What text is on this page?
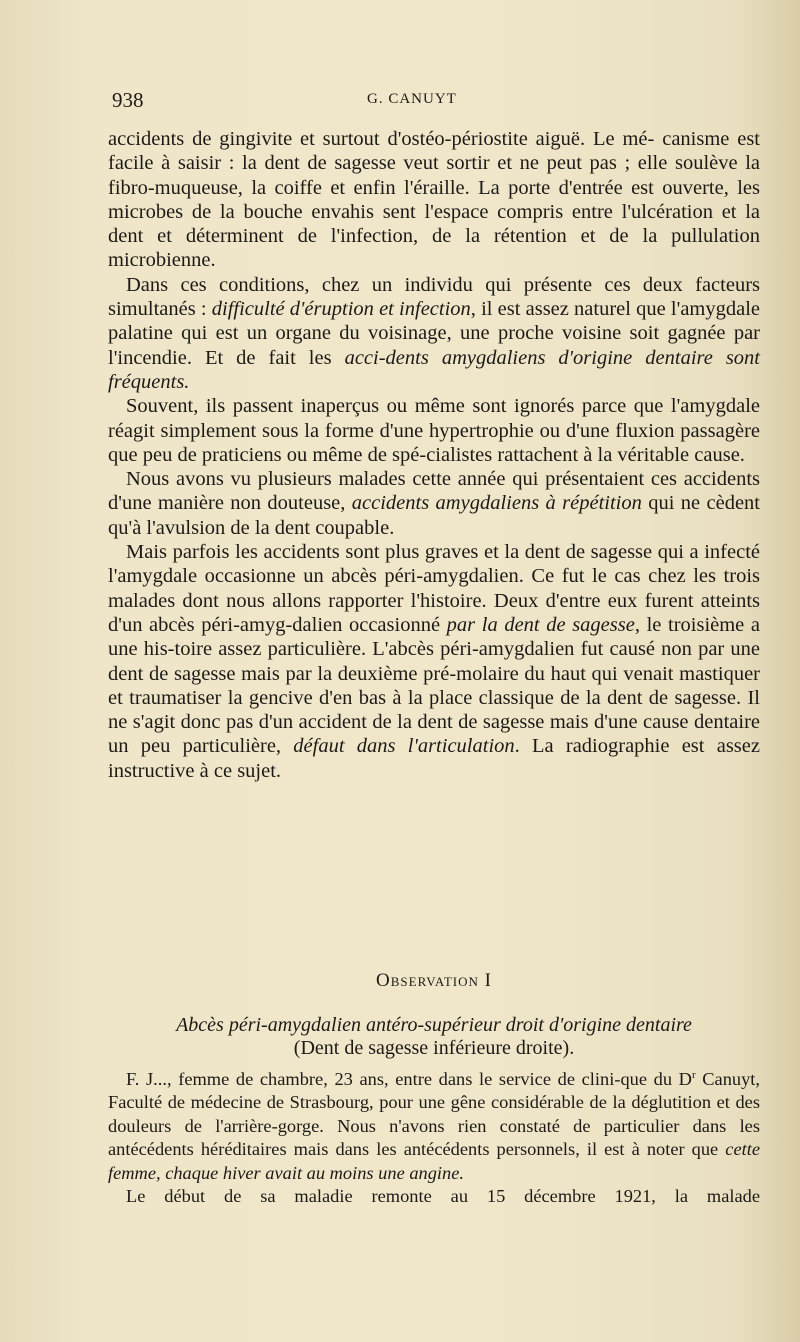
938	G. CANUYT

accidents de gingivite et surtout d'ostéo-périostite aiguë. Le mé- canisme est facile à saisir : la dent de sagesse veut sortir et ne peut pas ; elle soulève la fibro-muqueuse, la coiffe et enfin l'éraille. La porte d'entrée est ouverte, les microbes de la bouche envahis sent l'espace compris entre l'ulcération et la dent et déterminent de l'infection, de la rétention et de la pullulation microbienne.

Dans ces conditions, chez un individu qui présente ces deux facteurs simultanés : difficulté d'éruption et infection, il est assez naturel que l'amygdale palatine qui est un organe du voisinage, une proche voisine soit gagnée par l'incendie. Et de fait les acci-dents amygdaliens d'origine dentaire sont fréquents.

Souvent, ils passent inaperçus ou même sont ignorés parce que l'amygdale réagit simplement sous la forme d'une hypertrophie ou d'une fluxion passagère que peu de praticiens ou même de spé-cialistes rattachent à la véritable cause.

Nous avons vu plusieurs malades cette année qui présentaient ces accidents d'une manière non douteuse, accidents amygdaliens à répétition qui ne cèdent qu'à l'avulsion de la dent coupable.

Mais parfois les accidents sont plus graves et la dent de sagesse qui a infecté l'amygdale occasionne un abcès péri-amygdalien. Ce fut le cas chez les trois malades dont nous allons rapporter l'histoire. Deux d'entre eux furent atteints d'un abcès péri-amyg-dalien occasionné par la dent de sagesse, le troisième a une his-toire assez particulière. L'abcès péri-amygdalien fut causé non par une dent de sagesse mais par la deuxième pré-molaire du haut qui venait mastiquer et traumatiser la gencive d'en bas à la place classique de la dent de sagesse. Il ne s'agit donc pas d'un accident de la dent de sagesse mais d'une cause dentaire un peu particulière, défaut dans l'articulation. La radiographie est assez instructive à ce sujet.

Observation I
Abcès péri-amygdalien antéro-supérieur droit d'origine dentaire
(Dent de sagesse inférieure droite).

F. J..., femme de chambre, 23 ans, entre dans le service de clini-que du $D^r$ Canuyt, Faculté de médecine de Strasbourg, pour une gêne considérable de la déglutition et des douleurs de l'arrière-gorge. Nous n'avons rien constaté de particulier dans les antécédents héréditaires mais dans les antécédents personnels, il est à noter que cette femme, chaque hiver avait au moins une angine.

Le début de sa maladie remonte au 15 décembre 1921, la malade
